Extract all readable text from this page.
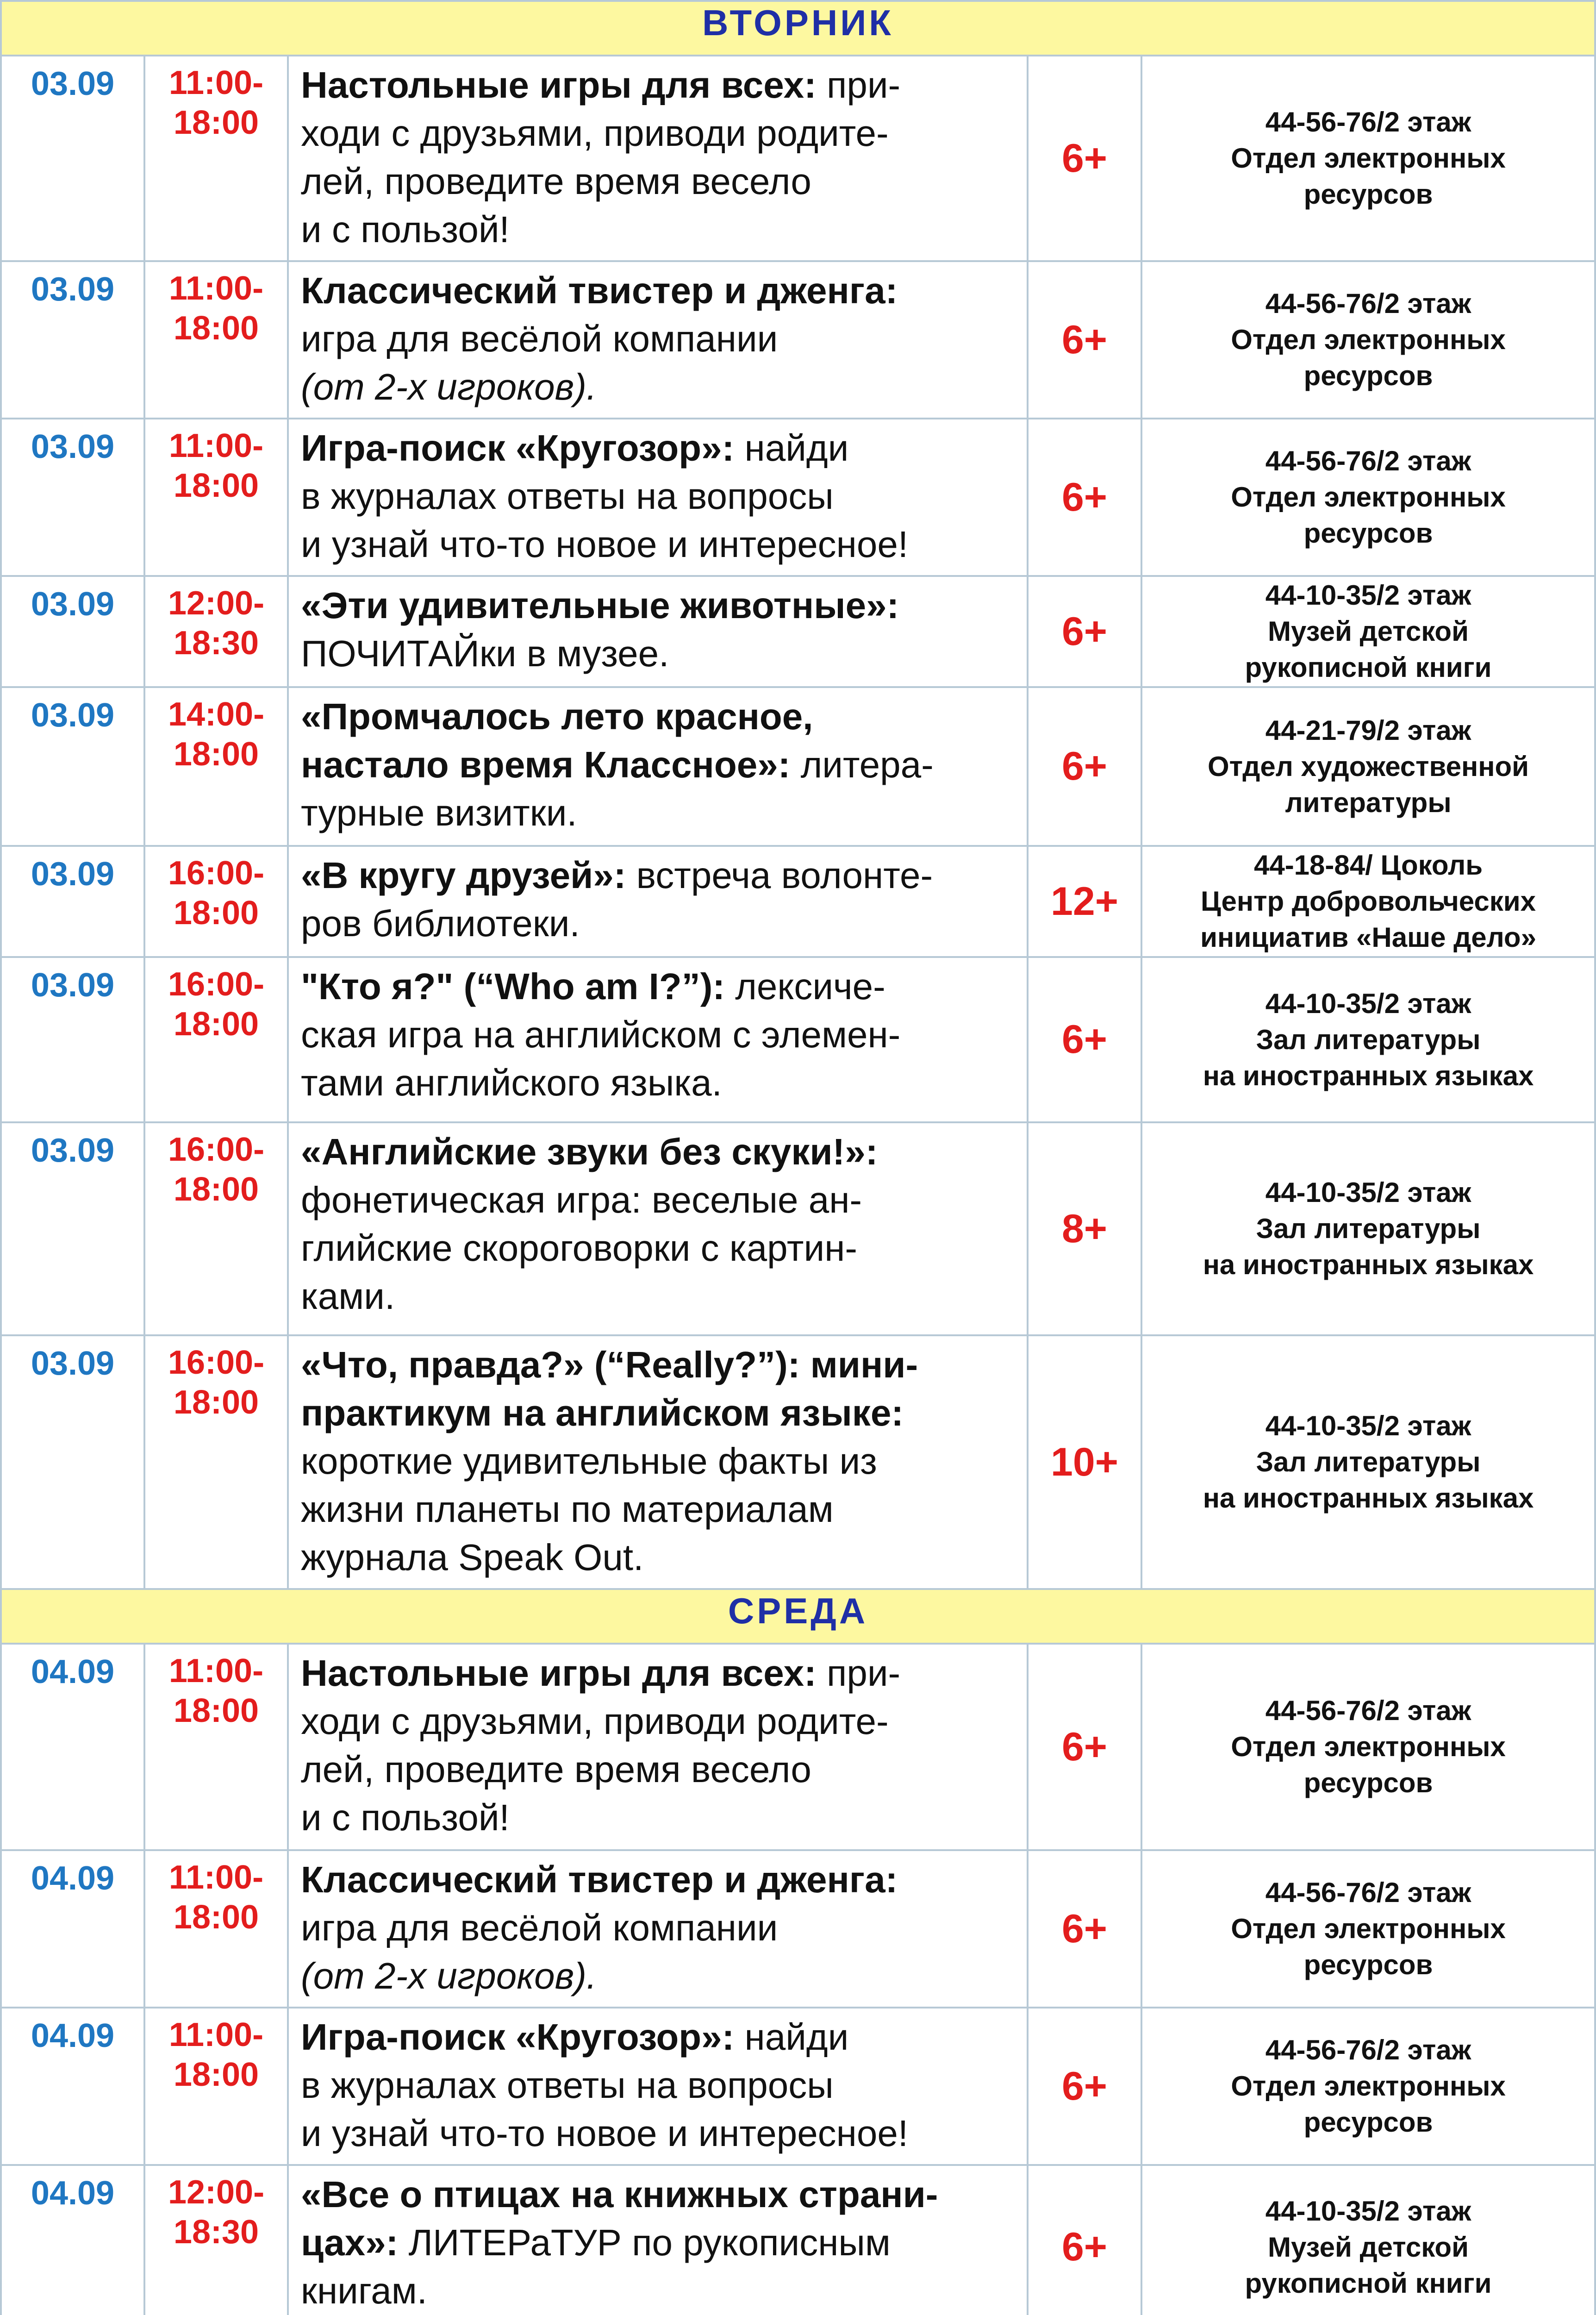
ВТОРНИК				
03.09	11:00-
18:00	Настольные игры для всех: при-
ходи с друзьями, приводи родите-
лей, проведите время весело
и с пользой!	6+	44-56-76/2 этаж
Отдел электронных
ресурсов
03.09	11:00-
18:00	Классический твистер и дженга:
игра для весёлой компании
(от 2-х игроков).	6+	44-56-76/2 этаж
Отдел электронных
ресурсов
03.09	11:00-
18:00	Игра-поиск «Кругозор»: найди
в журналах ответы на вопросы
и узнай что-то новое и интересное!	6+	44-56-76/2 этаж
Отдел электронных
ресурсов
03.09	12:00-
18:30	«Эти удивительные животные»:
ПОЧИТАЙки в музее.	6+	44-10-35/2 этаж
Музей детской
рукописной книги
03.09	14:00-
18:00	«Промчалось лето красное,
настало время Классное»: литера-
турные визитки.	6+	44-21-79/2 этаж
Отдел художественной
литературы
03.09	16:00-
18:00	«В кругу друзей»: встреча волонте-
ров библиотеки.	12+	44-18-84/ Цоколь
Центр добровольческих
инициатив «Наше дело»
03.09	16:00-
18:00	"Кто я?" (“Who am I?”): лексиче-
ская игра на английском с элемен-
тами английского языка.	6+	44-10-35/2 этаж
Зал литературы
на иностранных языках
03.09	16:00-
18:00	«Английские звуки без скуки!»:
фонетическая игра: веселые ан-
глийские скороговорки с картин-
ками.	8+	44-10-35/2 этаж
Зал литературы
на иностранных языках
03.09	16:00-
18:00	«Что, правда?» (“Really?”): мини-
практикум на английском языке:
короткие удивительные факты из
жизни планеты по материалам
журнала Speak Out.	10+	44-10-35/2 этаж
Зал литературы
на иностранных языках
СРЕДА				
04.09	11:00-
18:00	Настольные игры для всех: при-
ходи с друзьями, приводи родите-
лей, проведите время весело
и с пользой!	6+	44-56-76/2 этаж
Отдел электронных
ресурсов
04.09	11:00-
18:00	Классический твистер и дженга:
игра для весёлой компании
(от 2-х игроков).	6+	44-56-76/2 этаж
Отдел электронных
ресурсов
04.09	11:00-
18:00	Игра-поиск «Кругозор»: найди
в журналах ответы на вопросы
и узнай что-то новое и интересное!	6+	44-56-76/2 этаж
Отдел электронных
ресурсов
04.09	12:00-
18:30	«Все о птицах на книжных страни-
цах»: ЛИТЕРаТУР по рукописным
книгам.	6+	44-10-35/2 этаж
Музей детской
рукописной книги
